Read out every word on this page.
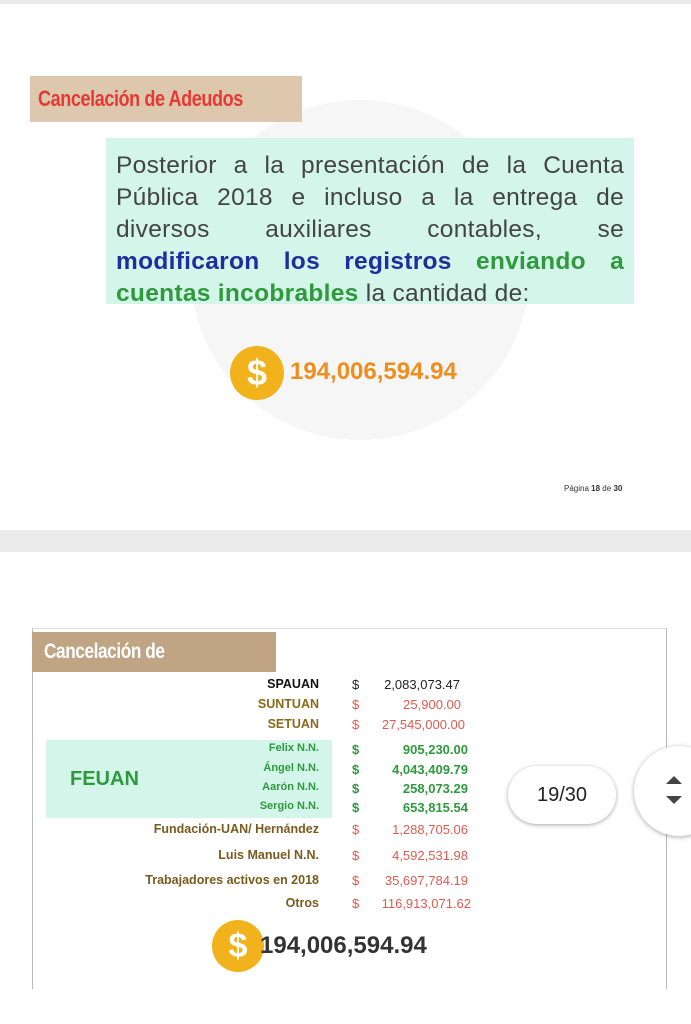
Cancelación de Adeudos
Posterior a la presentación de la Cuenta Pública 2018 e incluso a la entrega de diversos auxiliares contables, se modificaron los registros enviando a cuentas incobrables la cantidad de:
$ 194,006,594.94
Página 18 de 30
Cancelación de Adeudos
FEUAN
SPAUAN	$ 2,083,073.47
SUNTUAN	$	25,900.00
SETUAN	$ 27,545,000.00
Felix N.N.	$	905,230.00
Ángel N.N.	$	4,043,409.79
Aarón N.N.	$	258,073.29
Sergio N.N.	$	653,815.54
Fundación-UAN/ Hernández	$	1,288,705.06
Luis Manuel N.N.	$	4,592,531.98
Trabajadores activos en 2018	$ 35,697,784.19
Otros	$ 116,913,071.62
$ 194,006,594.94
19/30
